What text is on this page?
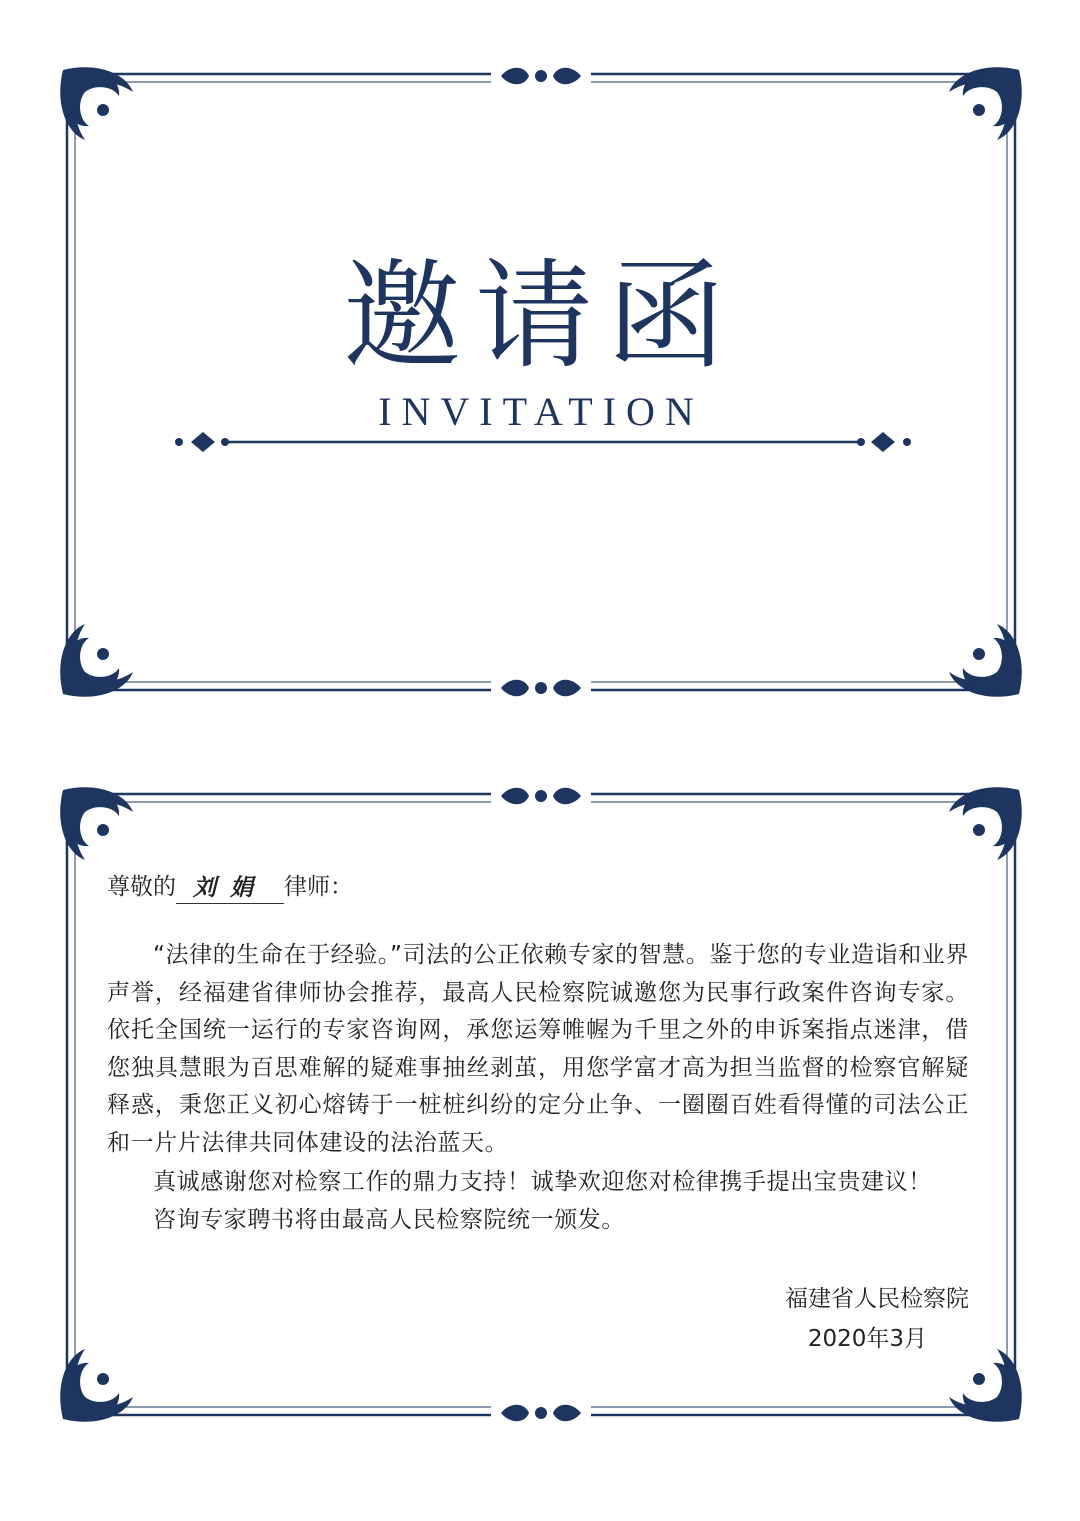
邀请函
INVITATION
尊敬的 刘娟 律师：
“法律的生命在于经验。”司法的公正依赖专家的智慧。鉴于您的专业造诣和业界声誉，经福建省律师协会推荐，最高人民检察院诚邀您为民事行政案件咨询专家。依托全国统一运行的专家咨询网，承您运筹帷幄为千里之外的申诉案指点迷津，借您独具慧眼为百思难解的疑难事抽丝剥茧，用您学富才高为担当监督的检察官解疑释惑，秉您正义初心熔铸于一桩桩纠纷的定分止争、一圈圈百姓看得懂的司法公正和一片片法律共同体建设的法治蓝天。

真诚感谢您对检察工作的鼎力支持！诚挚欢迎您对检律携手提出宝贵建议！

咨询专家聘书将由最高人民检察院统一颁发。

福建省人民检察院
2020年3月
